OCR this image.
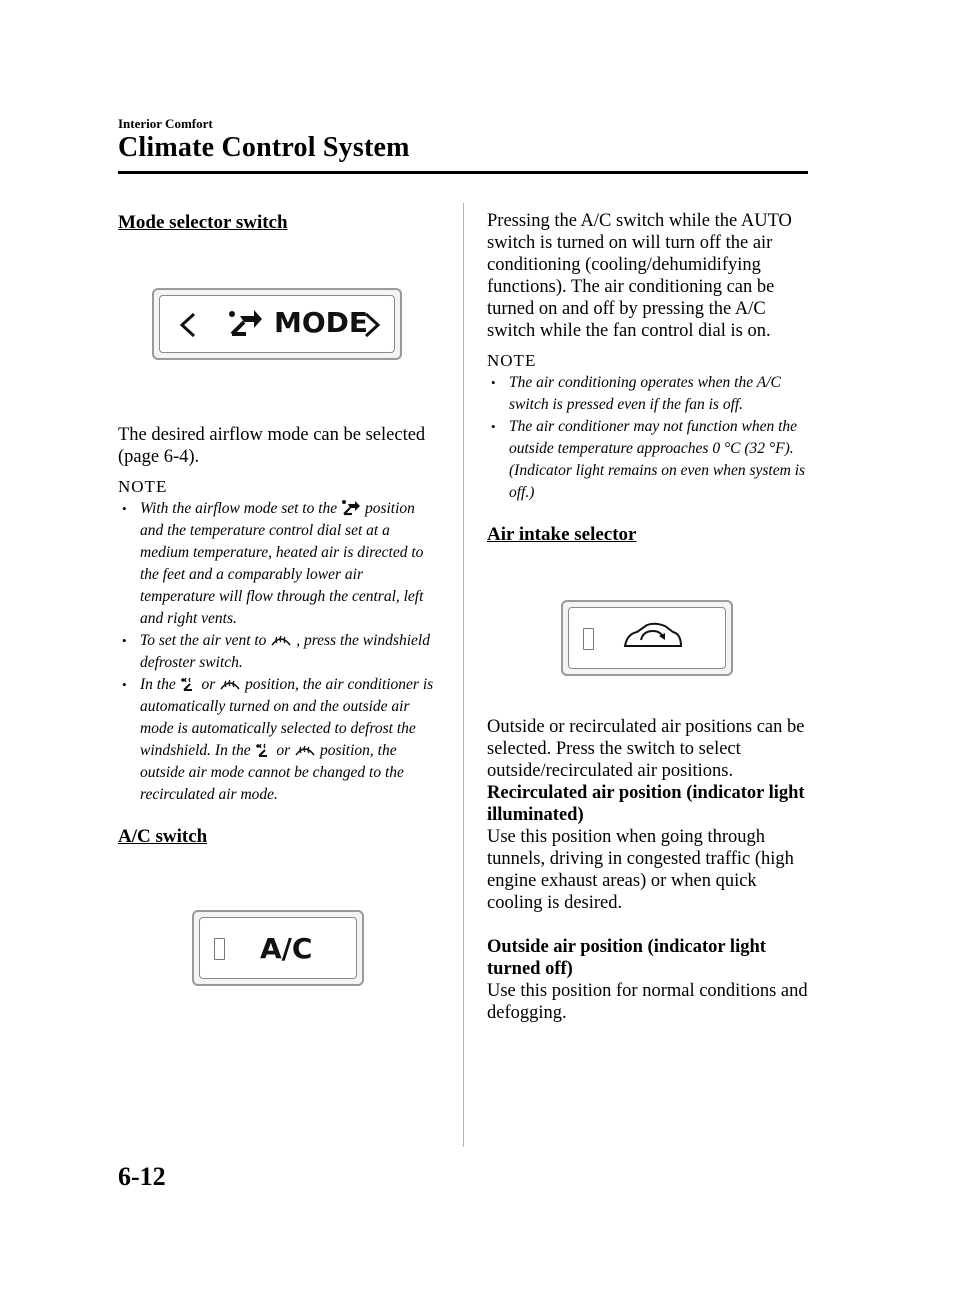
Interior Comfort
Climate Control System
Mode selector switch
MODE

The desired airflow mode can be selected (page 6-4).

NOTE
• With the airflow mode set to the position and the temperature control dial set at a medium temperature, heated air is directed to the feet and a comparably lower air temperature will flow through the central, left and right vents.
• To set the air vent to , press the windshield defroster switch.
• In the or position, the air conditioner is automatically turned on and the outside air mode is automatically selected to defrost the windshield. In the or position, the outside air mode cannot be changed to the recirculated air mode.
A/C switch
A/C

Pressing the A/C switch while the AUTO switch is turned on will turn off the air conditioning (cooling/dehumidifying functions). The air conditioning can be turned on and off by pressing the A/C switch while the fan control dial is on.

NOTE
• The air conditioning operates when the A/C switch is pressed even if the fan is off.
• The air conditioner may not function when the outside temperature approaches 0 °C (32 °F). (Indicator light remains on even when system is off.)
Air intake selector

Outside or recirculated air positions can be selected. Press the switch to select outside/recirculated air positions.

Recirculated air position (indicator light illuminated)

Use this position when going through tunnels, driving in congested traffic (high engine exhaust areas) or when quick cooling is desired.

Outside air position (indicator light turned off)

Use this position for normal conditions and defogging.

6-12
